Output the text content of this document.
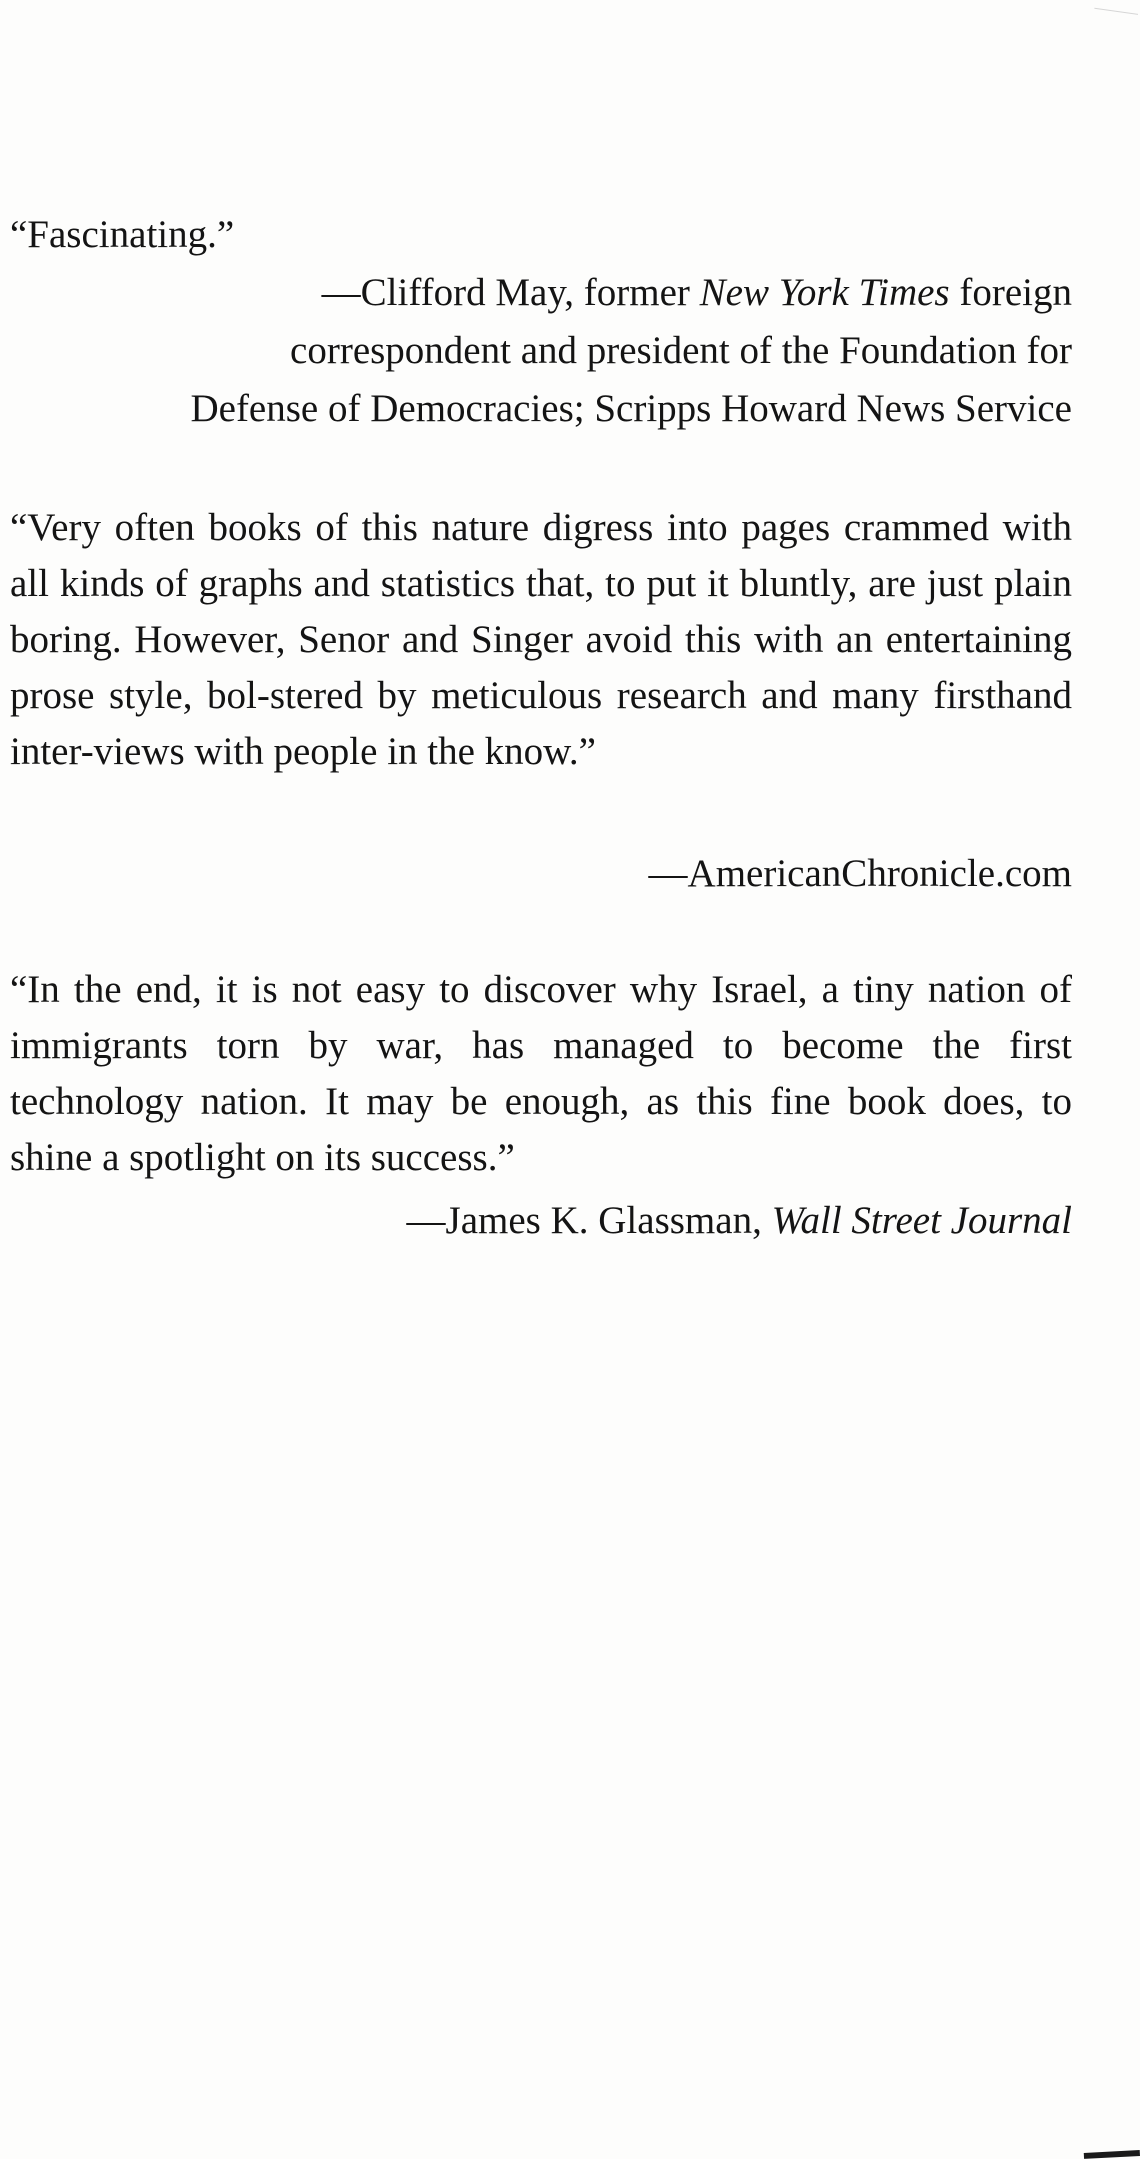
“Fascinating.”

—Clifford May, former New York Times foreign
correspondent and president of the Foundation for
Defense of Democracies; Scripps Howard News Service

“Very often books of this nature digress into pages crammed with all kinds of graphs and statistics that, to put it bluntly, are just plain boring. However, Senor and Singer avoid this with an entertaining prose style, bol-stered by meticulous research and many firsthand inter-views with people in the know.”

—AmericanChronicle.com

“In the end, it is not easy to discover why Israel, a tiny nation of immigrants torn by war, has managed to become the first technology nation. It may be enough, as this fine book does, to shine a spotlight on its success.”

—James K. Glassman, Wall Street Journal
